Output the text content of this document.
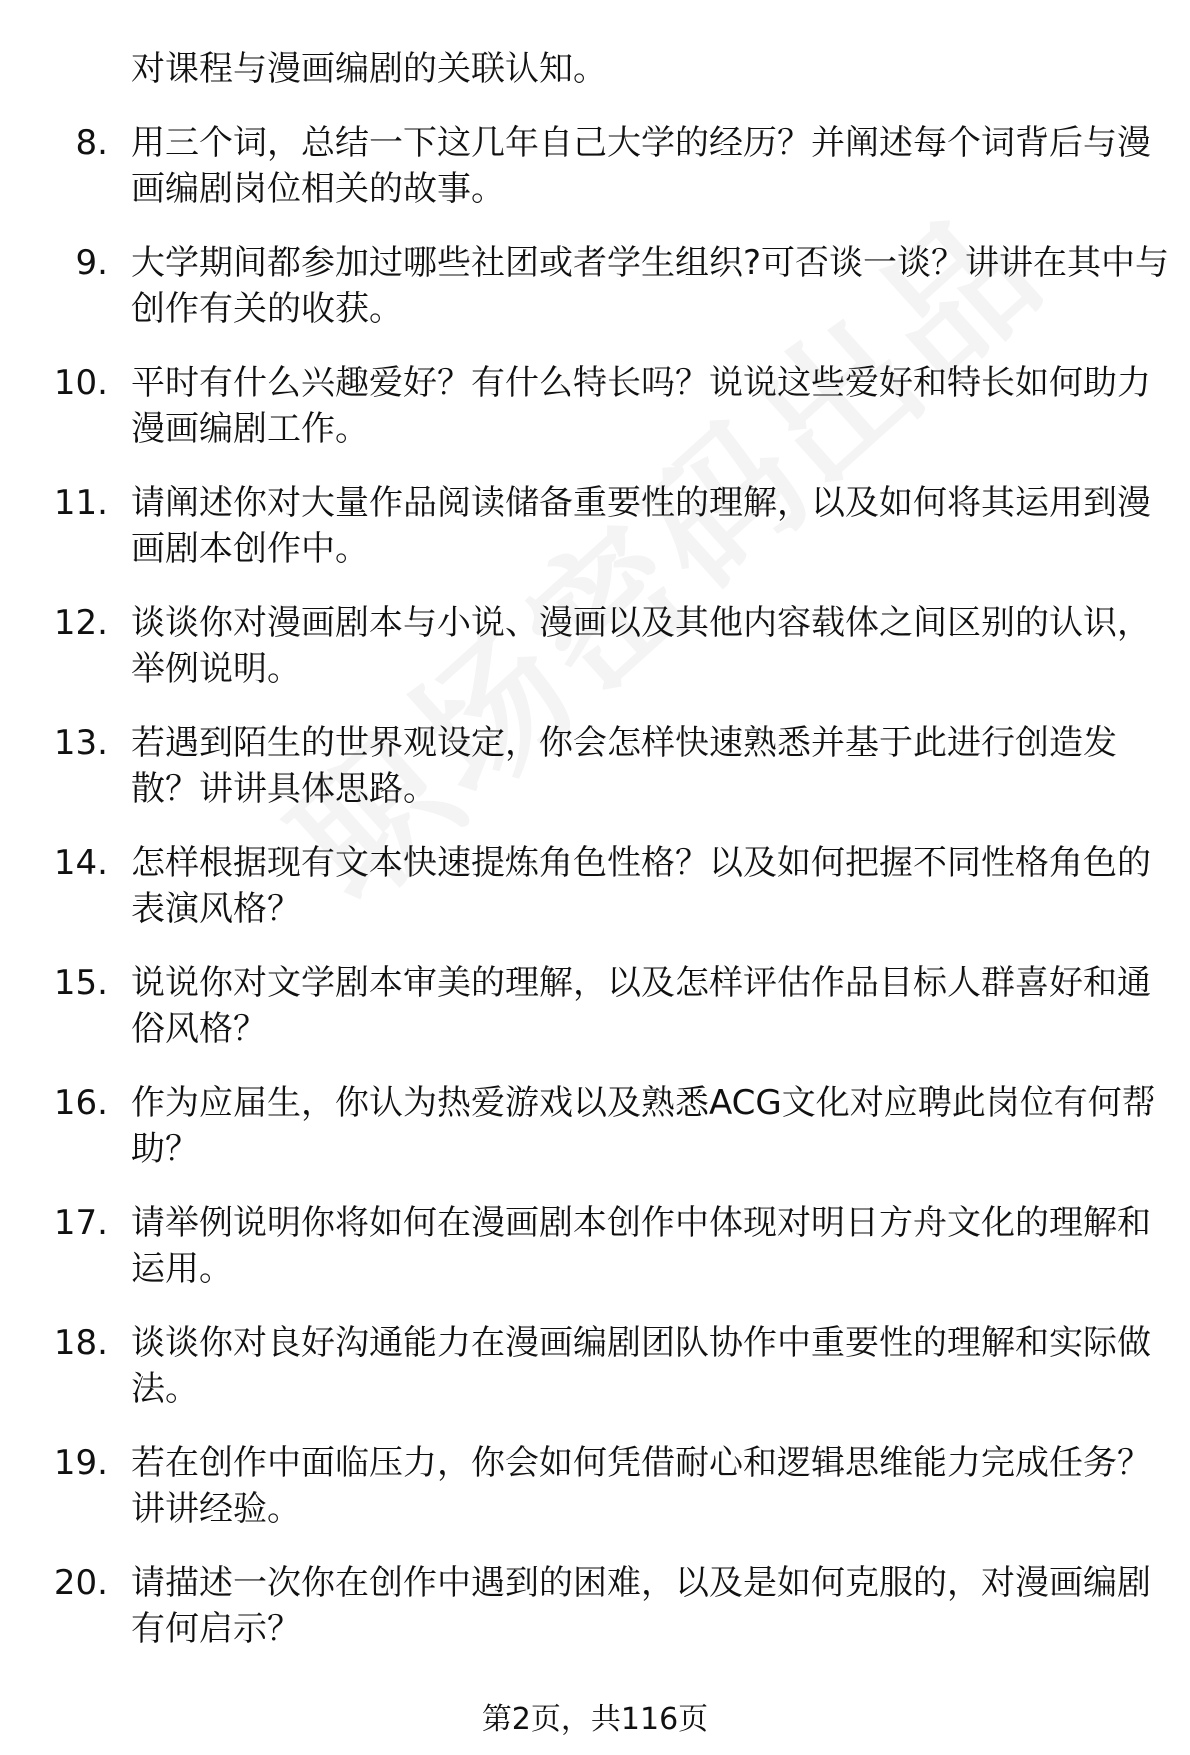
对课程与漫画编剧的关联认知。
8. 用三个词，总结一下这几年自己大学的经历？并阐述每个词背后与漫画编剧岗位相关的故事。
9. 大学期间都参加过哪些社团或者学生组织?可否谈一谈？讲讲在其中与创作有关的收获。
10. 平时有什么兴趣爱好？有什么特长吗？说说这些爱好和特长如何助力漫画编剧工作。
11. 请阐述你对大量作品阅读储备重要性的理解，以及如何将其运用到漫画剧本创作中。
12. 谈谈你对漫画剧本与小说、漫画以及其他内容载体之间区别的认识，举例说明。
13. 若遇到陌生的世界观设定，你会怎样快速熟悉并基于此进行创造发散？讲讲具体思路。
14. 怎样根据现有文本快速提炼角色性格？以及如何把握不同性格角色的表演风格？
15. 说说你对文学剧本审美的理解，以及怎样评估作品目标人群喜好和通俗风格？
16. 作为应届生，你认为热爱游戏以及熟悉ACG文化对应聘此岗位有何帮助？
17. 请举例说明你将如何在漫画剧本创作中体现对明日方舟文化的理解和运用。
18. 谈谈你对良好沟通能力在漫画编剧团队协作中重要性的理解和实际做法。
19. 若在创作中面临压力，你会如何凭借耐心和逻辑思维能力完成任务？讲讲经验。
20. 请描述一次你在创作中遇到的困难，以及是如何克服的，对漫画编剧有何启示？
第2页，共116页
